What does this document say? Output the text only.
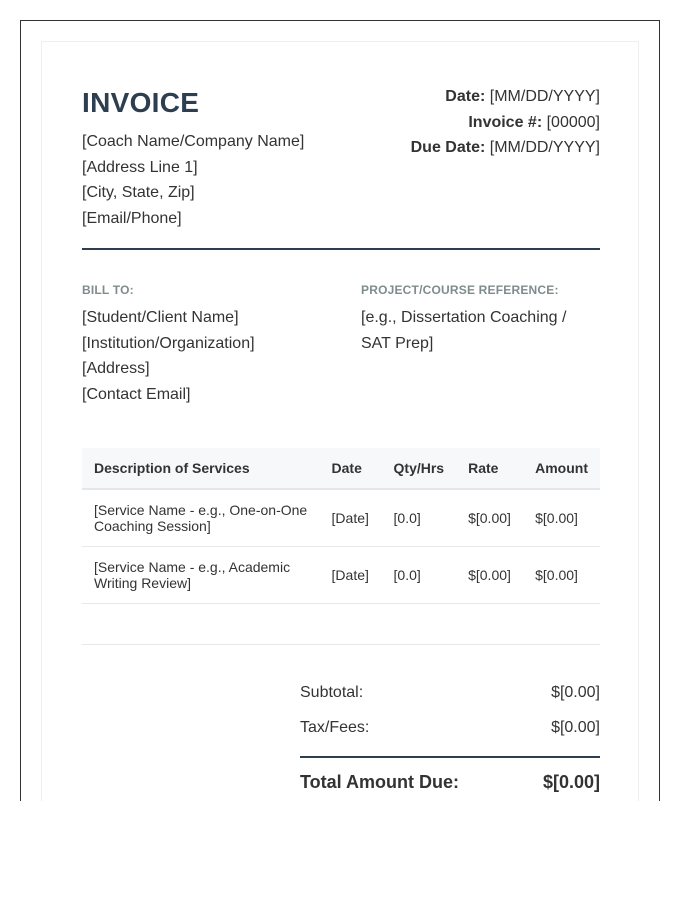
INVOICE
[Coach Name/Company Name]
[Address Line 1]
[City, State, Zip]
[Email/Phone]
Date: [MM/DD/YYYY]
Invoice #: [00000]
Due Date: [MM/DD/YYYY]
BILL TO:
[Student/Client Name]
[Institution/Organization]
[Address]
[Contact Email]
PROJECT/COURSE REFERENCE:
[e.g., Dissertation Coaching /
SAT Prep]
Description of Services	Date	Qty/Hrs	Rate	Amount

[Service Name - e.g., One-on-One
Coaching Session]	[Date]	[0.0]	$[0.00]	$[0.00]

[Service Name - e.g., Academic
Writing Review]	[Date]	[0.0]	$[0.00]	$[0.00]
Subtotal:	$[0.00]
Tax/Fees:	$[0.00]
Total Amount Due:	$[0.00]
